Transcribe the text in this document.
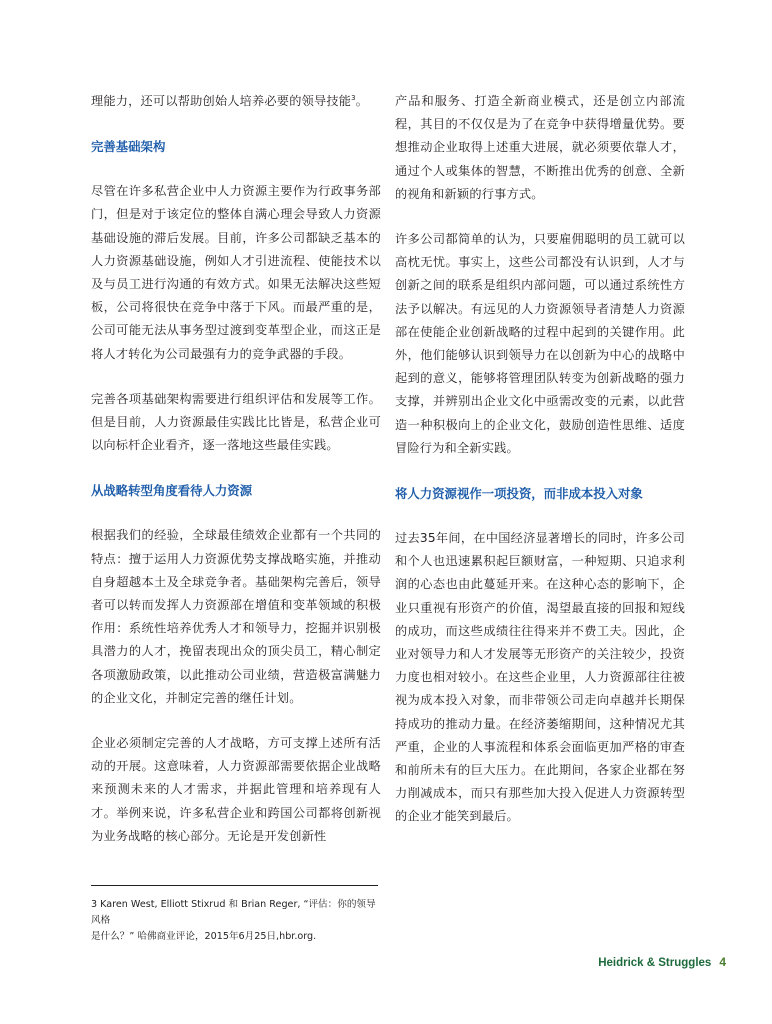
理能力，还可以帮助创始人培养必要的领导技能$^3$。

完善基础架构

尽管在许多私营企业中人力资源主要作为行政事务部门，但是对于该定位的整体自满心理会导致人力资源基础设施的滞后发展。目前，许多公司都缺乏基本的人力资源基础设施，例如人才引进流程、使能技术以及与员工进行沟通的有效方式。如果无法解决这些短板，公司将很快在竞争中落于下风。而最严重的是，公司可能无法从事务型过渡到变革型企业，而这正是将人才转化为公司最强有力的竞争武器的手段。

完善各项基础架构需要进行组织评估和发展等工作。但是目前，人力资源最佳实践比比皆是，私营企业可以向标杆企业看齐，逐一落地这些最佳实践。

从战略转型角度看待人力资源

根据我们的经验，全球最佳绩效企业都有一个共同的特点：擅于运用人力资源优势支撑战略实施，并推动自身超越本土及全球竞争者。基础架构完善后，领导者可以转而发挥人力资源部在增值和变革领域的积极作用：系统性培养优秀人才和领导力，挖掘并识别极具潜力的人才，挽留表现出众的顶尖员工，精心制定各项激励政策，以此推动公司业绩，营造极富满魅力的企业文化，并制定完善的继任计划。

企业必须制定完善的人才战略，方可支撑上述所有活动的开展。这意味着，人力资源部需要依据企业战略来预测未来的人才需求，并据此管理和培养现有人才。举例来说，许多私营企业和跨国公司都将创新视为业务战略的核心部分。无论是开发创新性

产品和服务、打造全新商业模式，还是创立内部流程，其目的不仅仅是为了在竞争中获得增量优势。要想推动企业取得上述重大进展，就必须要依靠人才，通过个人或集体的智慧，不断推出优秀的创意、全新的视角和新颖的行事方式。

许多公司都简单的认为，只要雇佣聪明的员工就可以高枕无忧。事实上，这些公司都没有认识到，人才与创新之间的联系是组织内部问题，可以通过系统性方法予以解决。有远见的人力资源领导者清楚人力资源部在使能企业创新战略的过程中起到的关键作用。此外，他们能够认识到领导力在以创新为中心的战略中起到的意义，能够将管理团队转变为创新战略的强力支撑，并辨别出企业文化中亟需改变的元素，以此营造一种积极向上的企业文化，鼓励创造性思维、适度冒险行为和全新实践。

将人力资源视作一项投资，而非成本投入对象

过去35年间，在中国经济显著增长的同时，许多公司和个人也迅速累积起巨额财富，一种短期、只追求利润的心态也由此蔓延开来。在这种心态的影响下，企业只重视有形资产的价值，渴望最直接的回报和短线的成功，而这些成绩往往得来并不费工夫。因此，企业对领导力和人才发展等无形资产的关注较少，投资力度也相对较小。在这些企业里，人力资源部往往被视为成本投入对象，而非带领公司走向卓越并长期保持成功的推动力量。在经济萎缩期间，这种情况尤其严重，企业的人事流程和体系会面临更加严格的审查和前所未有的巨大压力。在此期间，各家企业都在努力削减成本，而只有那些加大投入促进人力资源转型的企业才能笑到最后。

3 Karen West, Elliott Stixrud 和 Brian Reger, “评估：你的领导风格
是什么？” 哈佛商业评论，2015年6月25日,hbr.org.
Heidrick & Struggles 4
